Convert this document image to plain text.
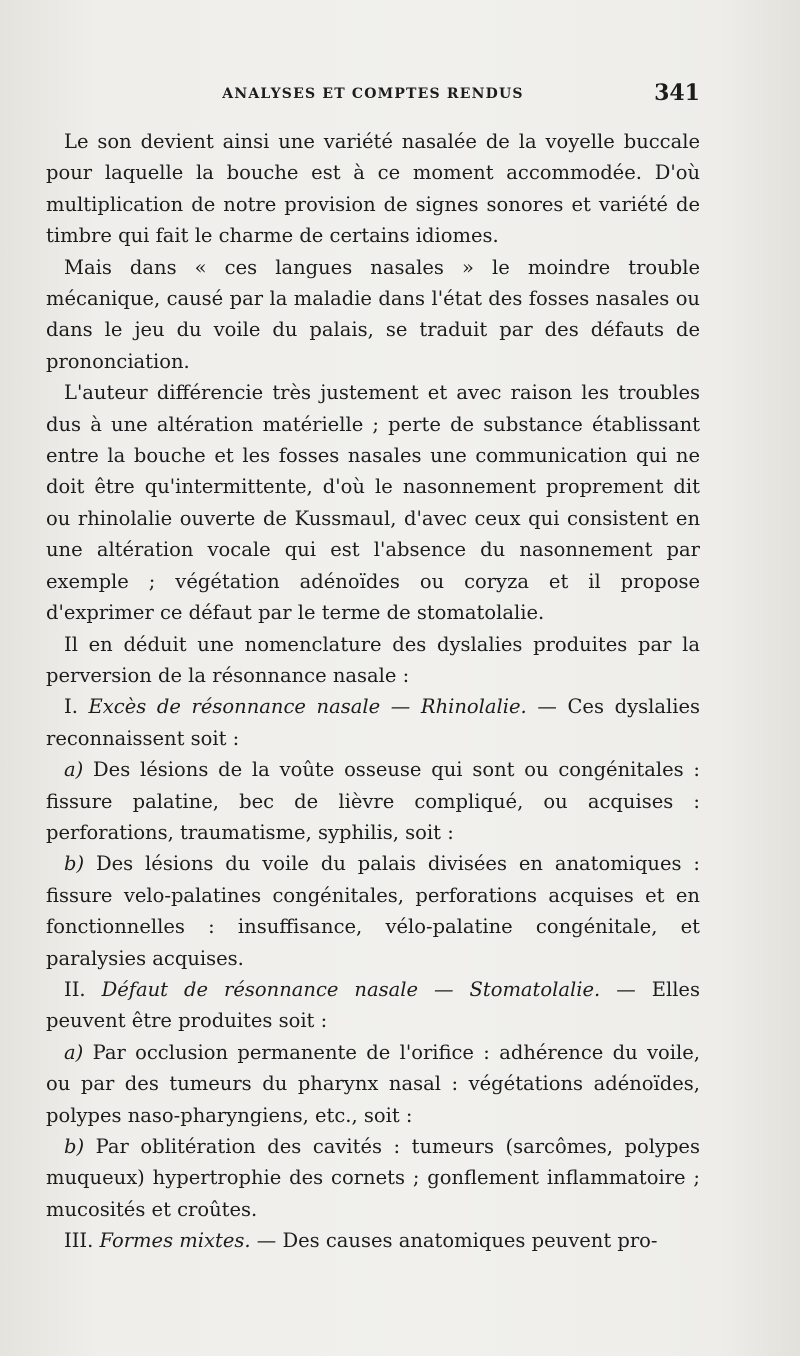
ANALYSES ET COMPTES RENDUS	341

Le son devient ainsi une variété nasalée de la voyelle buccale pour laquelle la bouche est à ce moment accommodée. D'où multiplication de notre provision de signes sonores et variété de timbre qui fait le charme de certains idiomes.

Mais dans « ces langues nasales » le moindre trouble mécanique, causé par la maladie dans l'état des fosses nasales ou dans le jeu du voile du palais, se traduit par des défauts de prononciation.

L'auteur différencie très justement et avec raison les troubles dus à une altération matérielle ; perte de substance établissant entre la bouche et les fosses nasales une communication qui ne doit être qu'intermittente, d'où le nasonnement proprement dit ou rhinolalie ouverte de Kussmaul, d'avec ceux qui consistent en une altération vocale qui est l'absence du nasonnement par exemple ; végétation adénoïdes ou coryza et il propose d'exprimer ce défaut par le terme de stomatolalie.

Il en déduit une nomenclature des dyslalies produites par la perversion de la résonnance nasale :

I. Excès de résonnance nasale — Rhinolalie. — Ces dyslalies reconnaissent soit :

a) Des lésions de la voûte osseuse qui sont ou congénitales : fissure palatine, bec de lièvre compliqué, ou acquises : perforations, traumatisme, syphilis, soit :

b) Des lésions du voile du palais divisées en anatomiques : fissure velo-palatines congénitales, perforations acquises et en fonctionnelles : insuffisance, vélo-palatine congénitale, et paralysies acquises.

II. Défaut de résonnance nasale — Stomatolalie. — Elles peuvent être produites soit :

a) Par occlusion permanente de l'orifice : adhérence du voile, ou par des tumeurs du pharynx nasal : végétations adénoïdes, polypes naso-pharyngiens, etc., soit :

b) Par oblitération des cavités : tumeurs (sarcômes, polypes muqueux) hypertrophie des cornets ; gonflement inflammatoire ; mucosités et croûtes.

III. Formes mixtes. — Des causes anatomiques peuvent pro-
